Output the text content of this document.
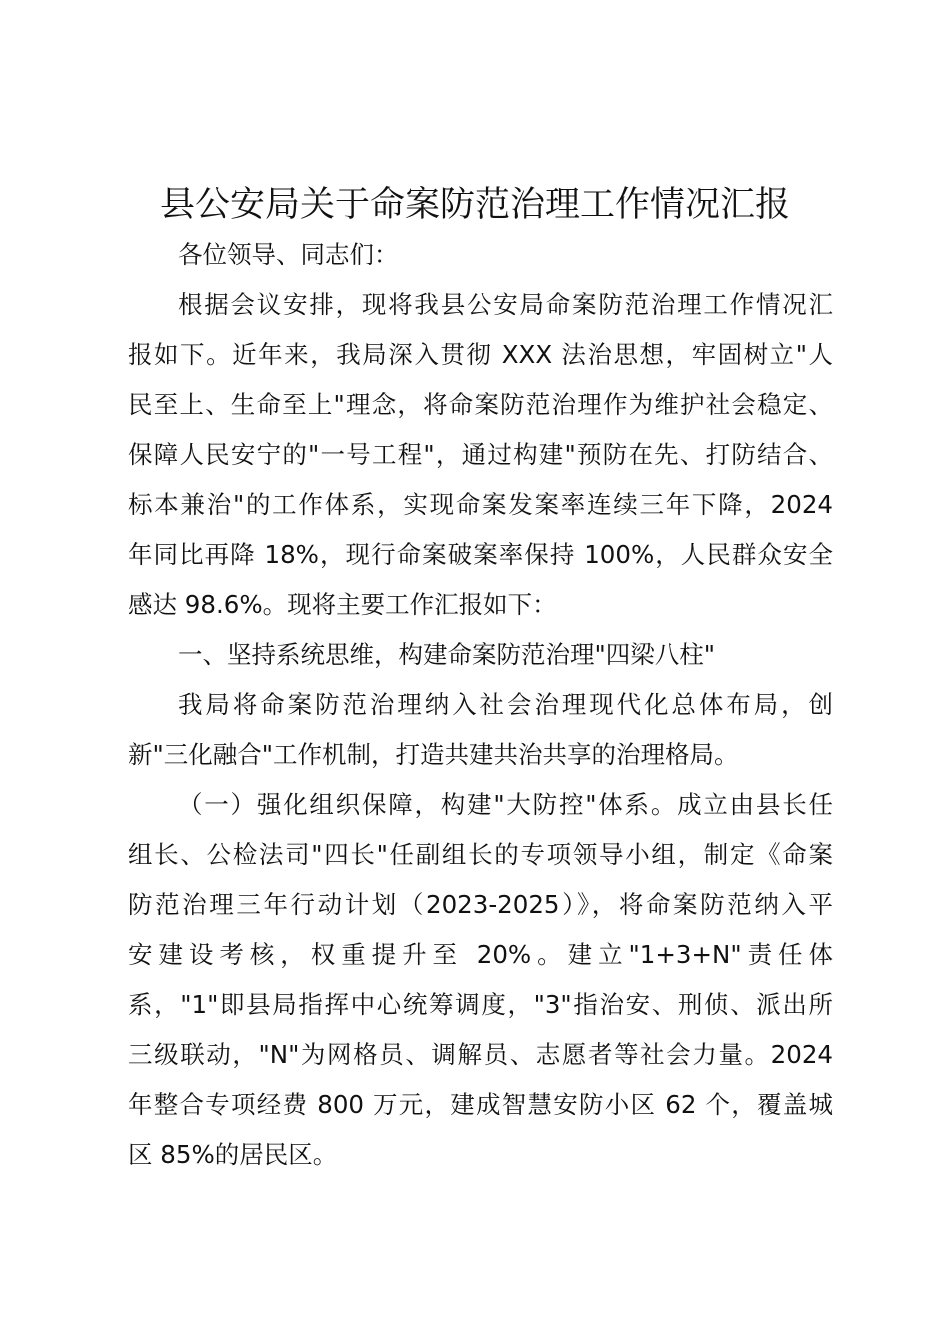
县公安局关于命案防范治理工作情况汇报
各位领导、同志们：
根据会议安排，现将我县公安局命案防范治理工作情况汇
报如下。近年来，我局深入贯彻 XXX 法治思想，牢固树立"人
民至上、生命至上"理念，将命案防范治理作为维护社会稳定、
保障人民安宁的"一号工程"，通过构建"预防在先、打防结合、
标本兼治"的工作体系，实现命案发案率连续三年下降，2024
年同比再降 18%，现行命案破案率保持 100%，人民群众安全
感达 98.6%。现将主要工作汇报如下：
一、坚持系统思维，构建命案防范治理"四梁八柱"
我局将命案防范治理纳入社会治理现代化总体布局，创
新"三化融合"工作机制，打造共建共治共享的治理格局。
（一）强化组织保障，构建"大防控"体系。成立由县长任
组长、公检法司"四长"任副组长的专项领导小组，制定《命案
防范治理三年行动计划（2023-2025）》，将命案防范纳入平
安建设考核，权重提升至 20%。建立"1+3+N"责任体
系，"1"即县局指挥中心统筹调度，"3"指治安、刑侦、派出所
三级联动，"N"为网格员、调解员、志愿者等社会力量。2024
年整合专项经费 800 万元，建成智慧安防小区 62 个，覆盖城
区 85%的居民区。
